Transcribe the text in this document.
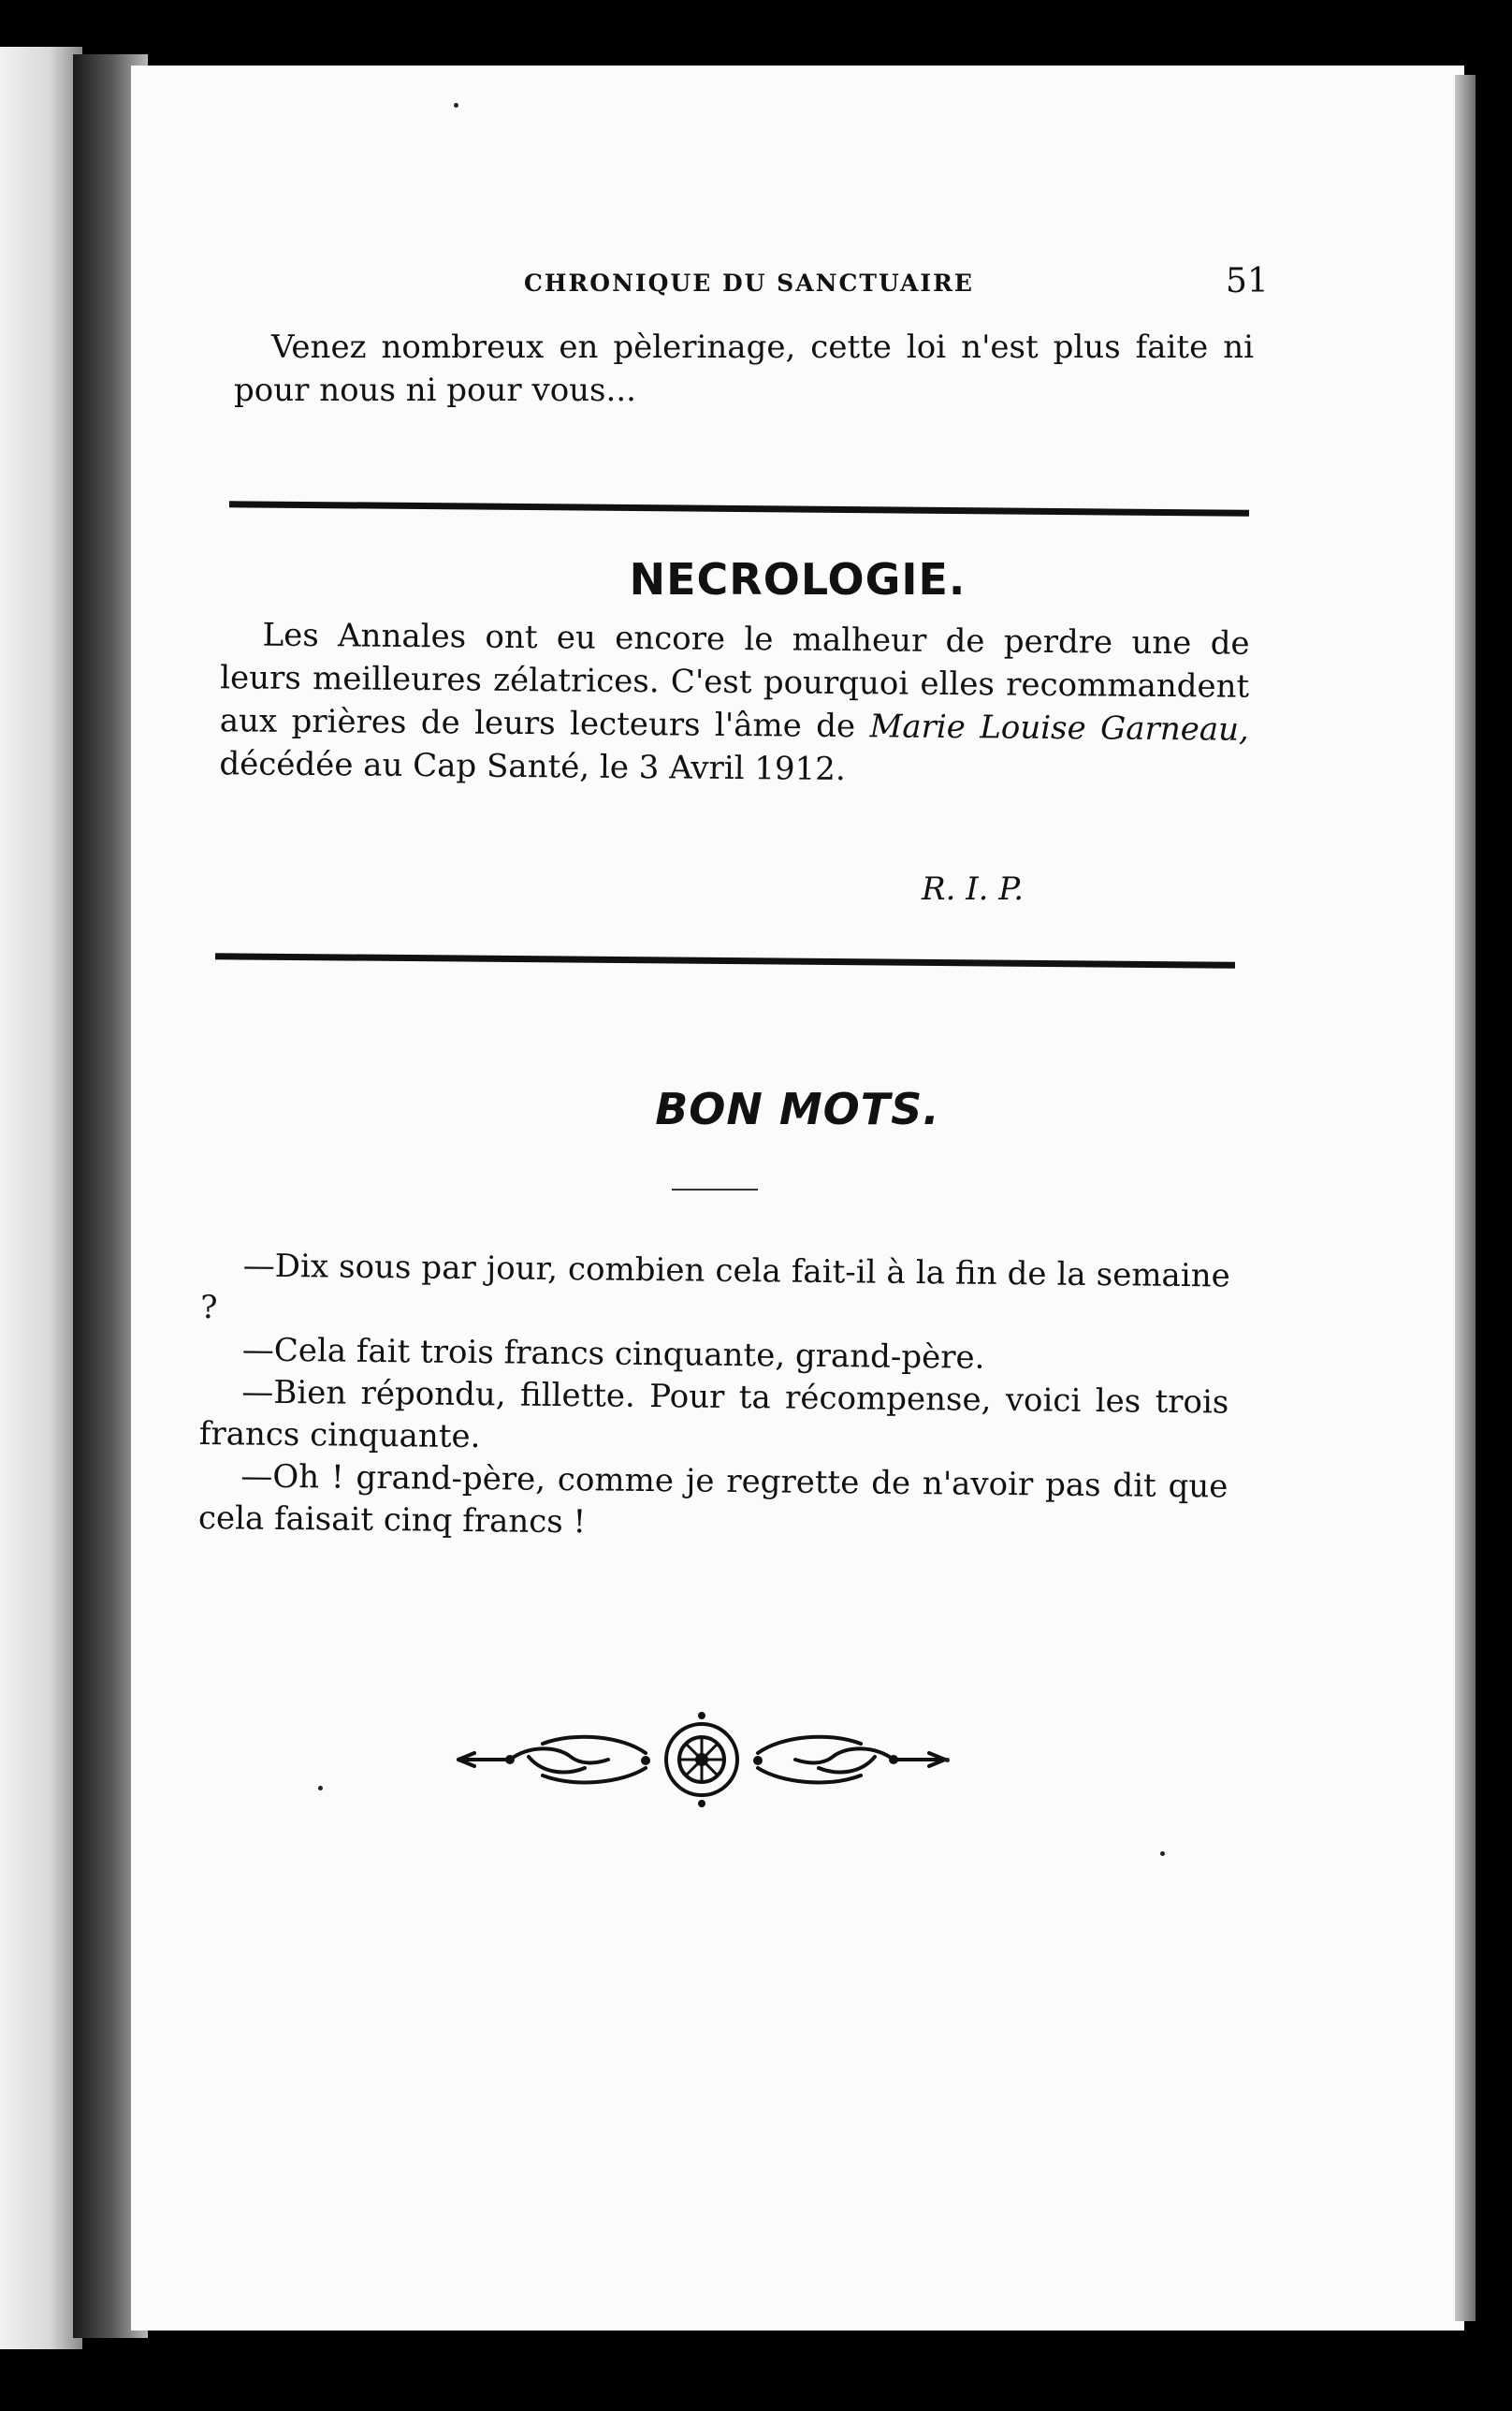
CHRONIQUE DU SANCTUAIRE	51

Venez nombreux en pèlerinage, cette loi n'est plus faite ni pour nous ni pour vous...

NECROLOGIE.

Les Annales ont eu encore le malheur de perdre une de leurs meilleures zélatrices. C'est pourquoi elles recommandent aux prières de leurs lecteurs l'âme de Marie Louise Garneau, décédée au Cap Santé, le 3 Avril 1912.

R. I. P.
BON MOTS.

—Dix sous par jour, combien cela fait-il à la fin de la semaine ?

—Cela fait trois francs cinquante, grand-père.

—Bien répondu, fillette. Pour ta récompense, voici les trois francs cinquante.

—Oh ! grand-père, comme je regrette de n'avoir pas dit que cela faisait cinq francs !
